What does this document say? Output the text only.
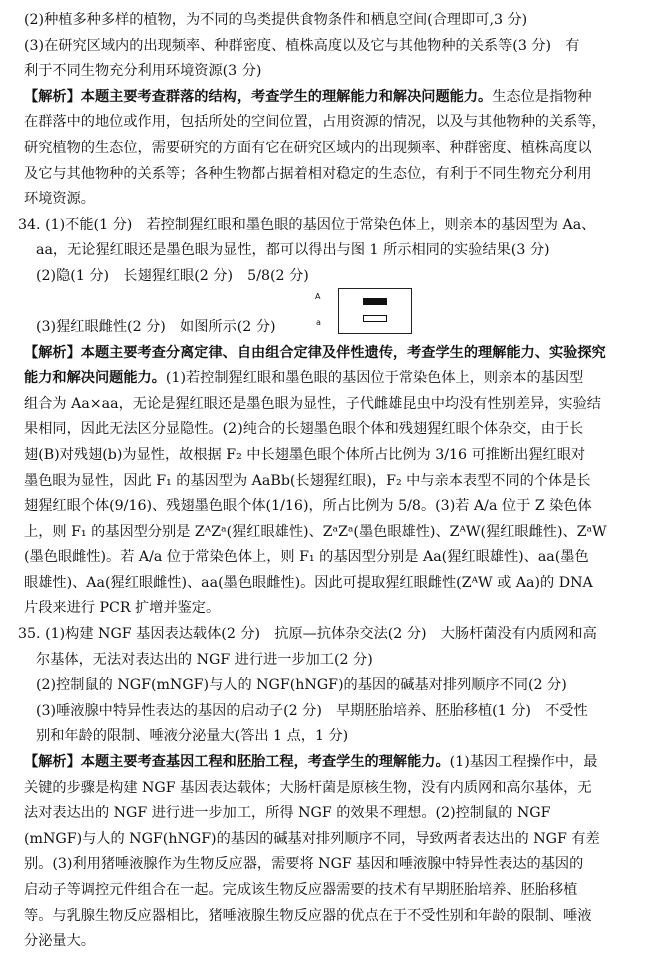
(2)种植多种多样的植物，为不同的鸟类提供食物条件和栖息空间(合理即可,3 分)
(3)在研究区域内的出现频率、种群密度、植株高度以及它与其他物种的关系等(3 分)　有
利于不同生物充分利用环境资源(3 分)
【解析】本题主要考查群落的结构，考查学生的理解能力和解决问题能力。生态位是指物种
在群落中的地位或作用，包括所处的空间位置，占用资源的情况，以及与其他物种的关系等，
研究植物的生态位，需要研究的方面有它在研究区域内的出现频率、种群密度、植株高度以
及它与其他物种的关系等；各种生物都占据着相对稳定的生态位，有利于不同生物充分利用
环境资源。
34. (1)不能(1 分)　若控制猩红眼和墨色眼的基因位于常染色体上，则亲本的基因型为 Aa、
aa，无论猩红眼还是墨色眼为显性，都可以得出与图 1 所示相同的实验结果(3 分)
(2)隐(1 分)　长翅猩红眼(2 分)　5/8(2 分)
(3)猩红眼雌性(2 分)　如图所示(2 分)
A
a
【解析】本题主要考查分离定律、自由组合定律及伴性遗传，考查学生的理解能力、实验探究
能力和解决问题能力。(1)若控制猩红眼和墨色眼的基因位于常染色体上，则亲本的基因型
组合为 Aa×aa，无论是猩红眼还是墨色眼为显性，子代雌雄昆虫中均没有性别差异，实验结
果相同，因此无法区分显隐性。(2)纯合的长翅墨色眼个体和残翅猩红眼个体杂交，由于长
翅(B)对残翅(b)为显性，故根据 F₂ 中长翅墨色眼个体所占比例为 3/16 可推断出猩红眼对
墨色眼为显性，因此 F₁ 的基因型为 AaBb(长翅猩红眼)，F₂ 中与亲本表型不同的个体是长
翅猩红眼个体(9/16)、残翅墨色眼个体(1/16)，所占比例为 5/8。(3)若 A/a 位于 Z 染色体
上，则 F₁ 的基因型分别是 ZᴬZᵃ(猩红眼雄性)、ZᵃZᵃ(墨色眼雄性)、ZᴬW(猩红眼雌性)、ZᵃW
(墨色眼雌性)。若 A/a 位于常染色体上，则 F₁ 的基因型分别是 Aa(猩红眼雄性)、aa(墨色
眼雄性)、Aa(猩红眼雌性)、aa(墨色眼雌性)。因此可提取猩红眼雌性(ZᴬW 或 Aa)的 DNA
片段来进行 PCR 扩增并鉴定。
35. (1)构建 NGF 基因表达载体(2 分)　抗原—抗体杂交法(2 分)　大肠杆菌没有内质网和高
尔基体，无法对表达出的 NGF 进行进一步加工(2 分)
(2)控制鼠的 NGF(mNGF)与人的 NGF(hNGF)的基因的碱基对排列顺序不同(2 分)
(3)唾液腺中特异性表达的基因的启动子(2 分)　早期胚胎培养、胚胎移植(1 分)　不受性
别和年龄的限制、唾液分泌量大(答出 1 点，1 分)
【解析】本题主要考查基因工程和胚胎工程，考查学生的理解能力。(1)基因工程操作中，最
关键的步骤是构建 NGF 基因表达载体；大肠杆菌是原核生物，没有内质网和高尔基体，无
法对表达出的 NGF 进行进一步加工，所得 NGF 的效果不理想。(2)控制鼠的 NGF
(mNGF)与人的 NGF(hNGF)的基因的碱基对排列顺序不同，导致两者表达出的 NGF 有差
别。(3)利用猪唾液腺作为生物反应器，需要将 NGF 基因和唾液腺中特异性表达的基因的
启动子等调控元件组合在一起。完成该生物反应器需要的技术有早期胚胎培养、胚胎移植
等。与乳腺生物反应器相比，猪唾液腺生物反应器的优点在于不受性别和年龄的限制、唾液
分泌量大。
